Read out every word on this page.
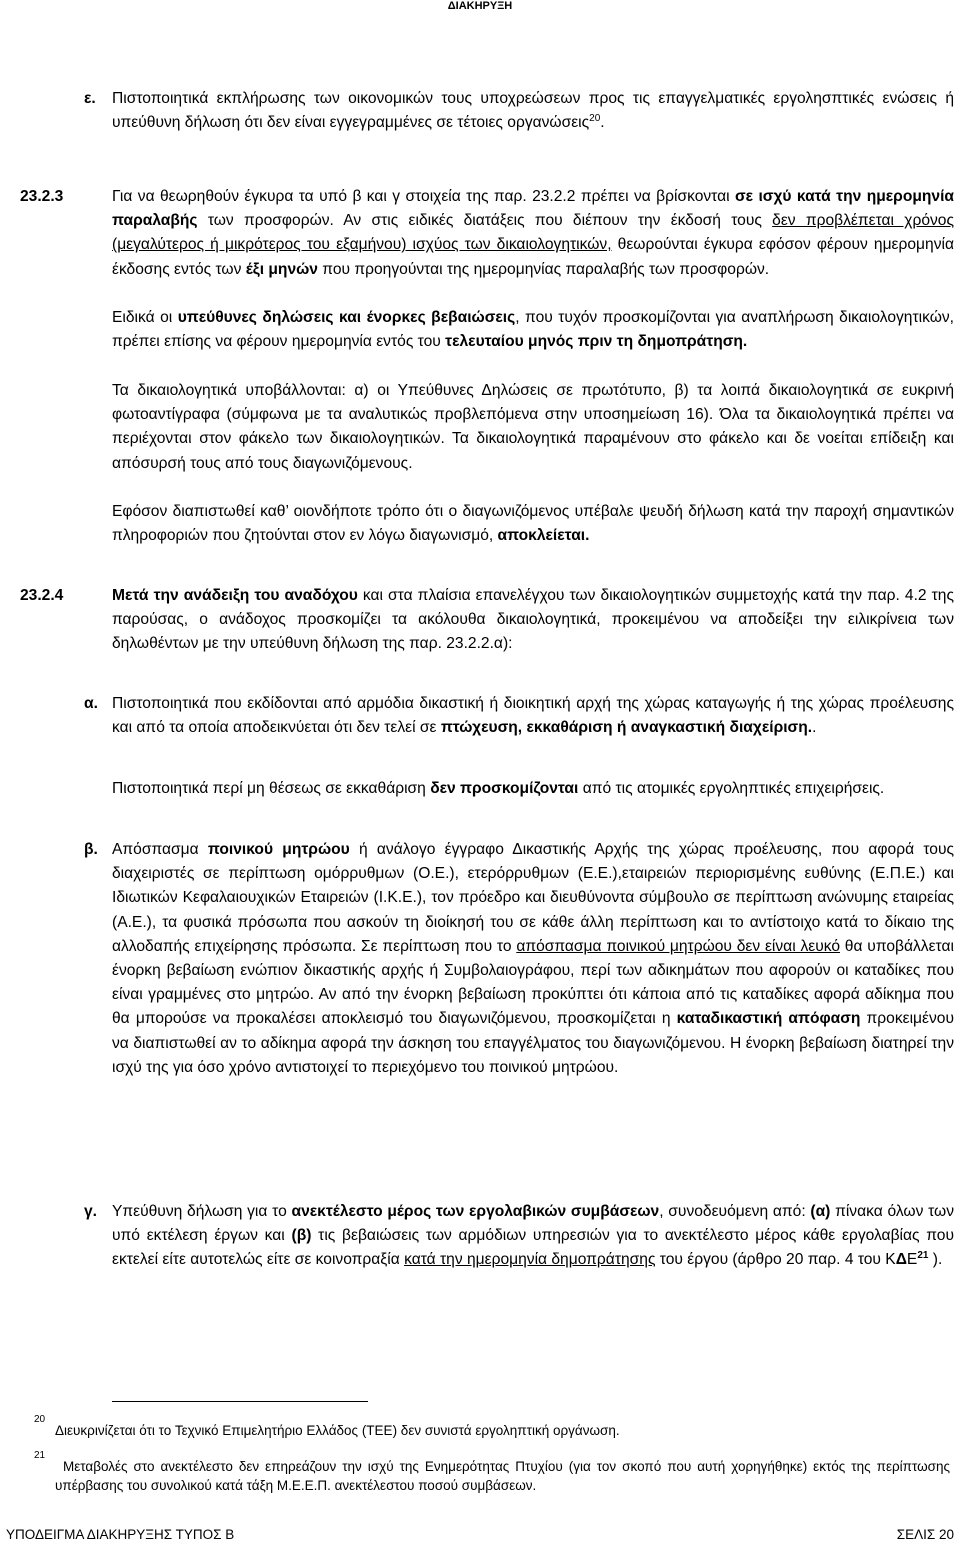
ΔΙΑΚΗΡΥΞΗ
ε. Πιστοποιητικά εκπλήρωσης των οικονομικών τους υποχρεώσεων προς τις επαγγελματικές εργολησπτικές ενώσεις ή υπεύθυνη δήλωση ότι δεν είναι εγγεγραμμένες σε τέτοιες οργανώσεις$^{20}$.

23.2.3	Για να θεωρηθούν έγκυρα τα υπό β και γ στοιχεία της παρ. 23.2.2 πρέπει να βρίσκονται σε ισχύ κατά την ημερομηνία παραλαβής των προσφορών. Αν στις ειδικές διατάξεις που διέπουν την έκδοσή τους δεν προβλέπεται χρόνος (μεγαλύτερος ή μικρότερος του εξαμήνου) ισχύος των δικαιολογητικών, θεωρούνται έγκυρα εφόσον φέρουν ημερομηνία έκδοσης εντός των έξι μηνών που προηγούνται της ημερομηνίας παραλαβής των προσφορών.

Ειδικά οι υπεύθυνες δηλώσεις και ένορκες βεβαιώσεις, που τυχόν προσκομίζονται για αναπλήρωση δικαιολογητικών, πρέπει επίσης να φέρουν ημερομηνία εντός του τελευταίου μηνός πριν τη δημοπράτηση.

Τα δικαιολογητικά υποβάλλονται: α) οι Υπεύθυνες Δηλώσεις σε πρωτότυπο, β) τα λοιπά δικαιολογητικά σε ευκρινή φωτοαντίγραφα (σύμφωνα με τα αναλυτικώς προβλεπόμενα στην υποσημείωση 16). Όλα τα δικαιολογητικά πρέπει να περιέχονται στον φάκελο των δικαιολογητικών. Τα δικαιολογητικά παραμένουν στο φάκελο και δε νοείται επίδειξη και απόσυρσή τους από τους διαγωνιζόμενους.

Εφόσον διαπιστωθεί καθ’ οιονδήποτε τρόπο ότι ο διαγωνιζόμενος υπέβαλε ψευδή δήλωση κατά την παροχή σημαντικών πληροφοριών που ζητούνται στον εν λόγω διαγωνισμό, αποκλείεται.

23.2.4	Μετά την ανάδειξη του αναδόχου και στα πλαίσια επανελέγχου των δικαιολογητικών συμμετοχής κατά την παρ. 4.2 της παρούσας, ο ανάδοχος προσκομίζει τα ακόλουθα δικαιολογητικά, προκειμένου να αποδείξει την ειλικρίνεια των δηλωθέντων με την υπεύθυνη δήλωση της παρ. 23.2.2.α):

α. Πιστοποιητικά που εκδίδονται από αρμόδια δικαστική ή διοικητική αρχή της χώρας καταγωγής ή της χώρας προέλευσης και από τα οποία αποδεικνύεται ότι δεν τελεί σε πτώχευση, εκκαθάριση ή αναγκαστική διαχείριση..

Πιστοποιητικά περί μη θέσεως σε εκκαθάριση δεν προσκομίζονται από τις ατομικές εργοληπτικές επιχειρήσεις.

β. Απόσπασμα ποινικού μητρώου ή ανάλογο έγγραφο Δικαστικής Αρχής της χώρας προέλευσης, που αφορά τους διαχειριστές σε περίπτωση ομόρρυθμων (Ο.Ε.), ετερόρρυθμων (Ε.Ε.),εταιρειών περιορισμένης ευθύνης (Ε.Π.Ε.) και Ιδιωτικών Κεφαλαιουχικών Εταιρειών (Ι.Κ.Ε.), τον πρόεδρο και διευθύνοντα σύμβουλο σε περίπτωση ανώνυμης εταιρείας (Α.Ε.), τα φυσικά πρόσωπα που ασκούν τη διοίκησή του σε κάθε άλλη περίπτωση και το αντίστοιχο κατά το δίκαιο της αλλοδαπής επιχείρησης πρόσωπα. Σε περίπτωση που το απόσπασμα ποινικού μητρώου δεν είναι λευκό θα υποβάλλεται ένορκη βεβαίωση ενώπιον δικαστικής αρχής ή Συμβολαιογράφου, περί των αδικημάτων που αφορούν οι καταδίκες που είναι γραμμένες στο μητρώο. Αν από την ένορκη βεβαίωση προκύπτει ότι κάποια από τις καταδίκες αφορά αδίκημα που θα μπορούσε να προκαλέσει αποκλεισμό του διαγωνιζόμενου, προσκομίζεται η καταδικαστική απόφαση προκειμένου να διαπιστωθεί αν το αδίκημα αφορά την άσκηση του επαγγέλματος του διαγωνιζόμενου. Η ένορκη βεβαίωση διατηρεί την ισχύ της για όσο χρόνο αντιστοιχεί το περιεχόμενο του ποινικού μητρώου.

γ. Υπεύθυνη δήλωση για το ανεκτέλεστο μέρος των εργολαβικών συμβάσεων, συνοδευόμενη από: (α) πίνακα όλων των υπό εκτέλεση έργων και (β) τις βεβαιώσεις των αρμόδιων υπηρεσιών για το ανεκτέλεστο μέρος κάθε εργολαβίας που εκτελεί είτε αυτοτελώς είτε σε κοινοπραξία κατά την ημερομηνία δημοπράτησης του έργου (άρθρο 20 παρ. 4 του ΚΔΕ$^{21}$ ).

20
Διευκρινίζεται ότι το Τεχνικό Επιμελητήριο Ελλάδος (ΤΕΕ) δεν συνιστά εργοληπτική οργάνωση.
21
Μεταβολές στο ανεκτέλεστο δεν επηρεάζουν την ισχύ της Ενημερότητας Πτυχίου (για τον σκοπό που αυτή χορηγήθηκε) εκτός της περίπτωσης υπέρβασης του συνολικού κατά τάξη Μ.Ε.Ε.Π. ανεκτέλεστου ποσού συμβάσεων.
ΥΠΟΔΕΙΓΜΑ ΔΙΑΚΗΡΥΞΗΣ ΤΥΠΟΣ Β	ΣΕΛΙΣ 20
